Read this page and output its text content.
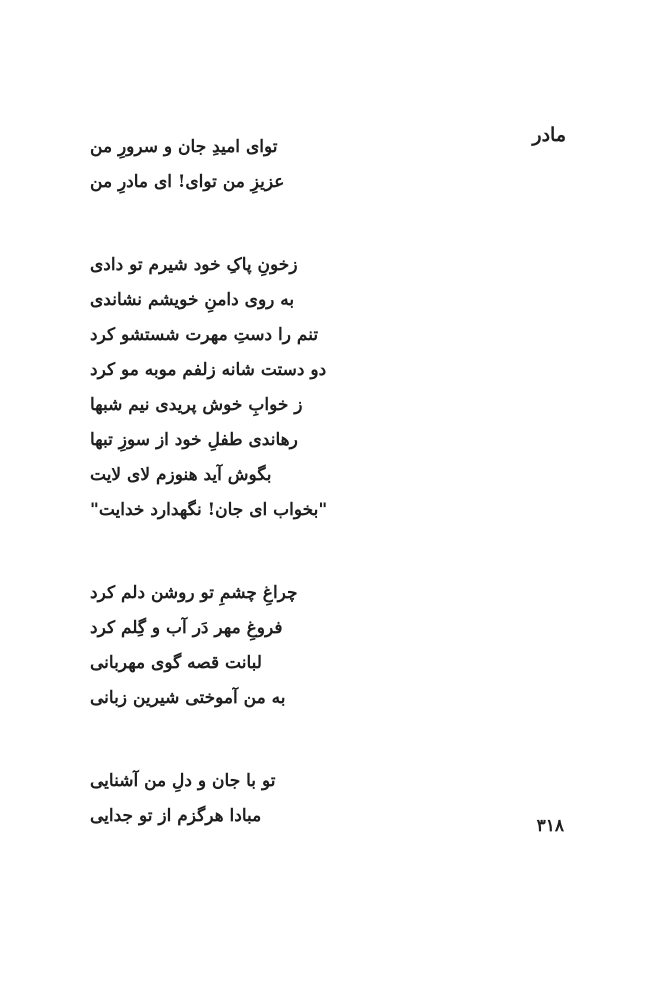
مادر
توای امیدِ جان و سرورِ من
عزیزِ من توای! ای مادرِ من
زخونِ پاکِ خود شیرم تو دادی
به روی دامنِ خویشم نشاندی
تنم را دستِ مهرت شستشو کرد
دو دستت شانه زلفم موبه مو کرد
ز خوابِ خوش پریدی نیم شبها
رهاندی طفلِ خود از سوزِ تبها
بگوش آید هنوزم لای لایت
"بخواب ای جان! نگهدارد خدایت"
چراغِ چشمِ تو روشن دلم کرد
فروغِ مهر دَر آب و گِلم کرد
لبانت قصه گوی مهربانی
به من آموختی شیرین زبانی
تو با جان و دلِ من آشنایی
مبادا هرگزم از تو جدایی	۳۱۸
